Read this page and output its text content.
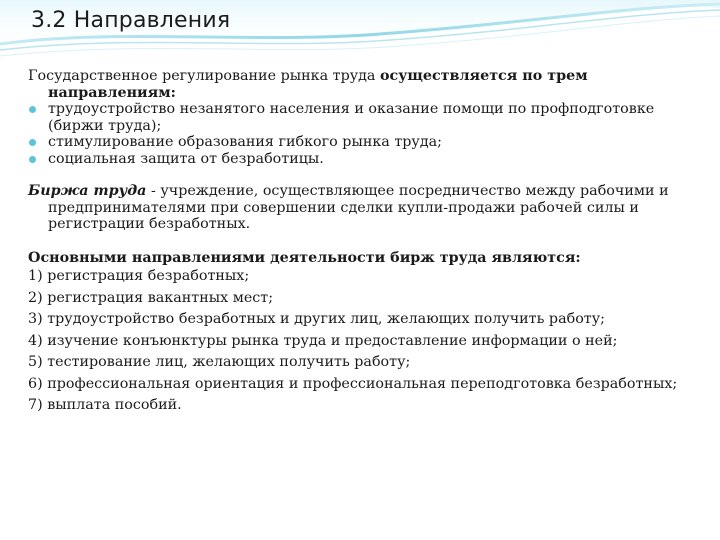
3.2 Направления

Государственное регулирование рынка труда осуществляется по трем направлениям:

трудоустройство незанятого населения и оказание помощи по профподготовке (биржи труда);
стимулирование образования гибкого рынка труда;
социальная защита от безработицы.

Биржа труда - учреждение, осуществляющее посредничество между рабочими и предпринимателями при совершении сделки купли-продажи рабочей силы и регистрации безработных.

Основными направлениями деятельности бирж труда являются:

1) регистрация безработных;
2) регистрация вакантных мест;
3) трудоустройство безработных и других лиц, желающих получить работу;
4) изучение конъюнктуры рынка труда и предоставление информации о ней;
5) тестирование лиц, желающих получить работу;
6) профессиональная ориентация и профессиональная переподготовка безработных;
7) выплата пособий.
